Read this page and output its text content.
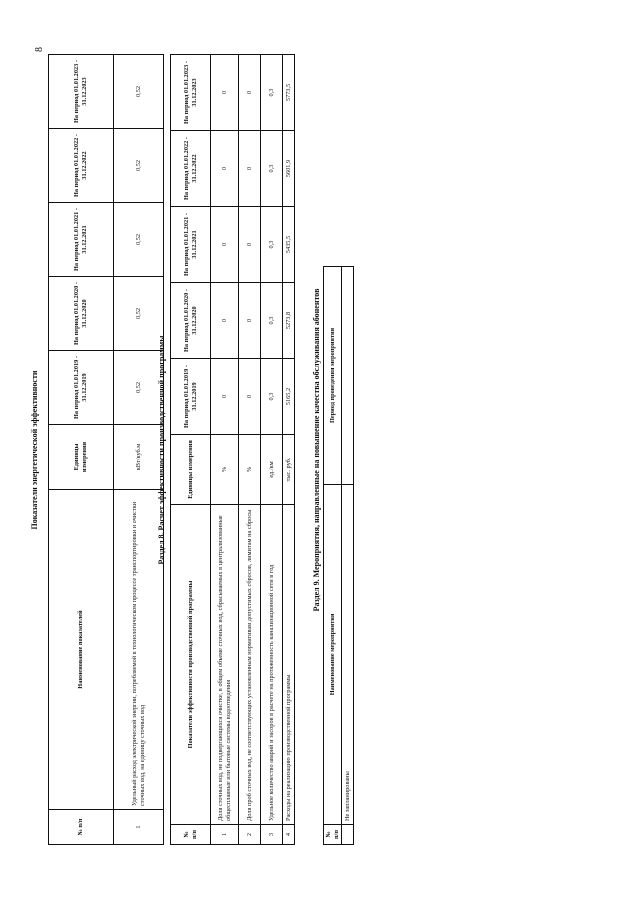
8
Показатели энергетической эффективности
№ п/п	Наименование показателей	Единицы измерения	На период 01.01.2019 - 31.12.2019	На период 01.01.2020 - 31.12.2020	На период 01.01.2021 - 31.12.2021	На период 01.01.2022 - 31.12.2022	На период 01.01.2023 - 31.12.2023
1	Удельный расход электрической энергии, потребляемой в технологическом процессе транспортировки и очистки сточных вод, на единицу сточных вод	кВт/куб.м	0,52	0,52	0,52	0,52	0,52
Раздел 8. Расчет эффективности производственной программы
№ п/п	Показатели эффективности производственной программы	Единицы измерения	На период 01.01.2019 - 31.12.2019	На период 01.01.2020 - 31.12.2020	На период 01.01.2021 - 31.12.2021	На период 01.01.2022 - 31.12.2022	На период 01.01.2023 - 31.12.2023
1	Доля сточных вод, не подвергающихся очистке, в общем объеме сточных вод, сбрасываемых в централизованные общесплавные или бытовые системы водоотведения	%	0	0	0	0	0
2	Доля проб сточных вод, не соответствующих установленным нормативам допустимых сбросов, лимитам на сбросы	%	0	0	0	0	0
3	Удельное количество аварий и засоров в расчете на протяженность канализационной сети в год	ед./км	0,3	0,3	0,3	0,3	0,3
4	Расходы на реализацию производственной программы	тыс. руб.	5165,2	5273,8	5435,5	5601,9	5773,5
Раздел 9. Мероприятия, направленные на повышение качества обслуживания абонентов
№ п/п	Наименование мероприятия	Период проведения мероприятия
	Не запланированы	
